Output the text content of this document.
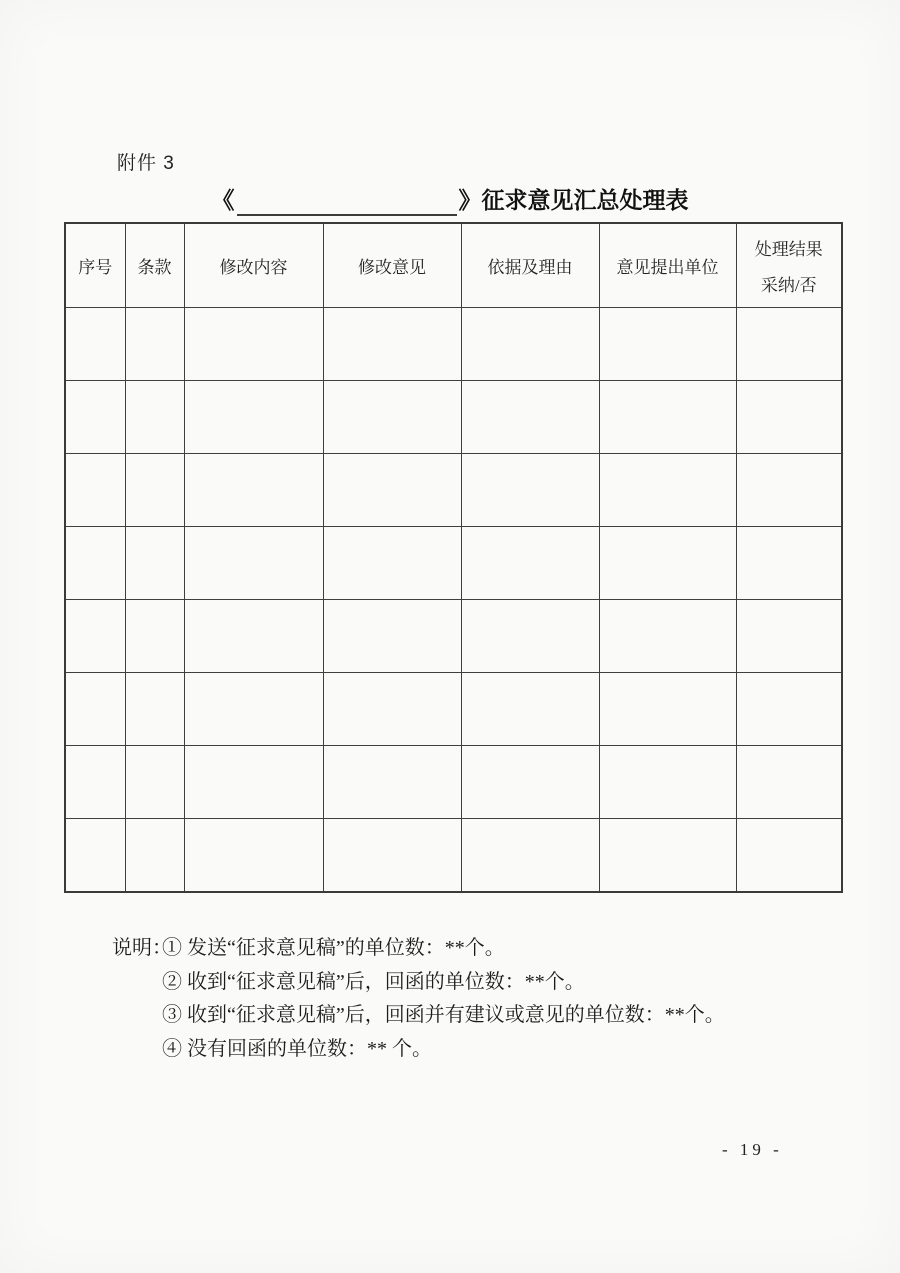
附件 3
《	》 征求意见汇总处理表
序号	条款	修改内容	修改意见	依据及理由	意见提出单位	处理结果
采纳/否

说明：
① 发送“征求意见稿”的单位数：**个。
② 收到“征求意见稿”后，回函的单位数：**个。
③ 收到“征求意见稿”后，回函并有建议或意见的单位数：**个。
④ 没有回函的单位数：** 个。
- 19 -
